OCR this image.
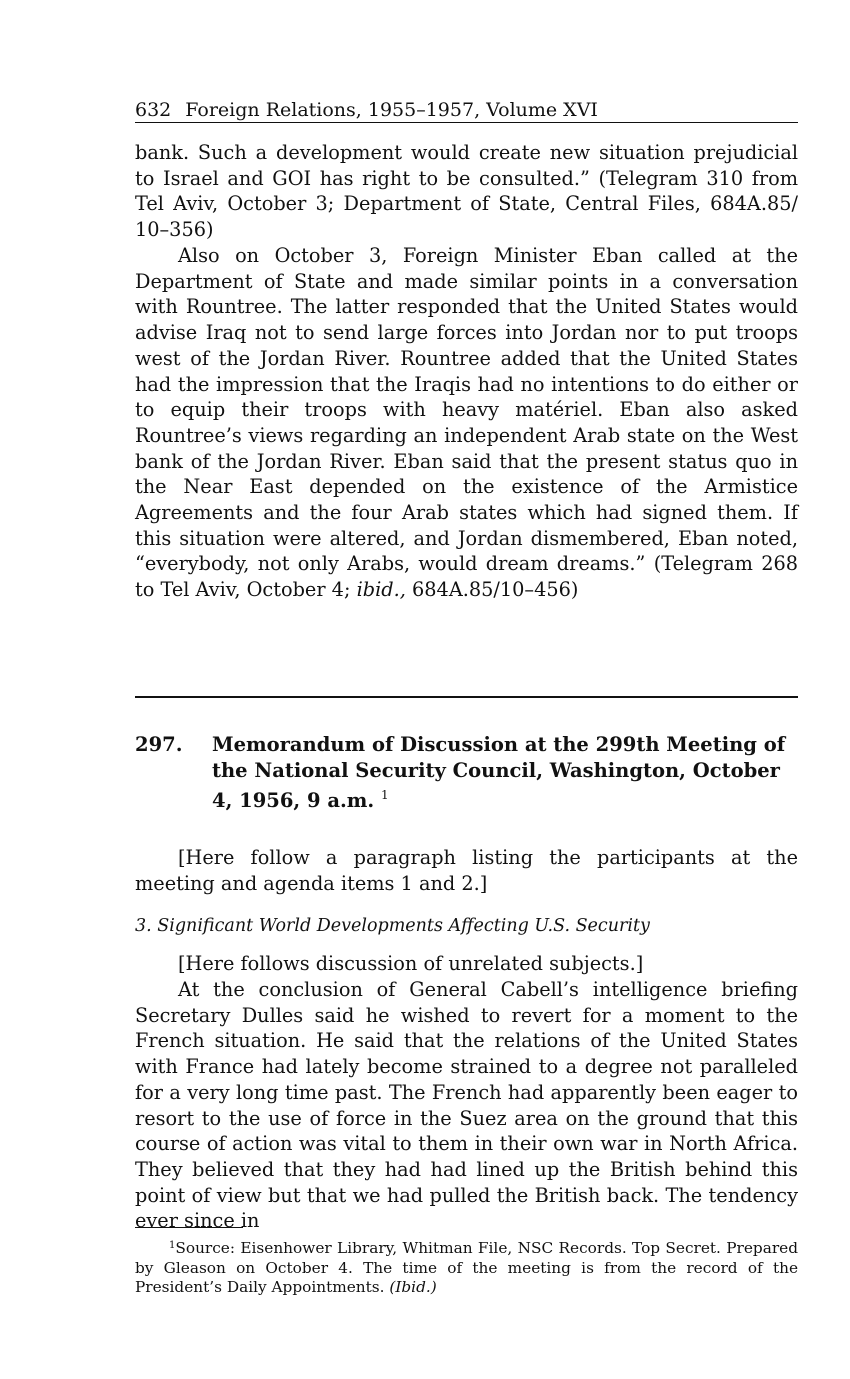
632 Foreign Relations, 1955–1957, Volume XVI

bank. Such a development would create new situation prejudicial to Israel and GOI has right to be consulted.” (Telegram 310 from Tel Aviv, October 3; Department of State, Central Files, 684A.85/ 10–356)

Also on October 3, Foreign Minister Eban called at the Department of State and made similar points in a conversation with Rountree. The latter responded that the United States would advise Iraq not to send large forces into Jordan nor to put troops west of the Jordan River. Rountree added that the United States had the impression that the Iraqis had no intentions to do either or to equip their troops with heavy matériel. Eban also asked Rountree’s views regarding an independent Arab state on the West bank of the Jordan River. Eban said that the present status quo in the Near East depended on the existence of the Armistice Agreements and the four Arab states which had signed them. If this situation were altered, and Jordan dismembered, Eban noted, “everybody, not only Arabs, would dream dreams.” (Telegram 268 to Tel Aviv, October 4; ibid., 684A.85/10–456)

297. Memorandum of Discussion at the 299th Meeting of the National Security Council, Washington, October 4, 1956, 9 a.m. $^1$

[Here follow a paragraph listing the participants at the meeting and agenda items 1 and 2.]

3. Significant World Developments Affecting U.S. Security

[Here follows discussion of unrelated subjects.]

At the conclusion of General Cabell’s intelligence briefing Secretary Dulles said he wished to revert for a moment to the French situation. He said that the relations of the United States with France had lately become strained to a degree not paralleled for a very long time past. The French had apparently been eager to resort to the use of force in the Suez area on the ground that this course of action was vital to them in their own war in North Africa. They believed that they had had lined up the British behind this point of view but that we had pulled the British back. The tendency ever since in

$^1$Source: Eisenhower Library, Whitman File, NSC Records. Top Secret. Prepared by Gleason on October 4. The time of the meeting is from the record of the President’s Daily Appointments. (Ibid.)
